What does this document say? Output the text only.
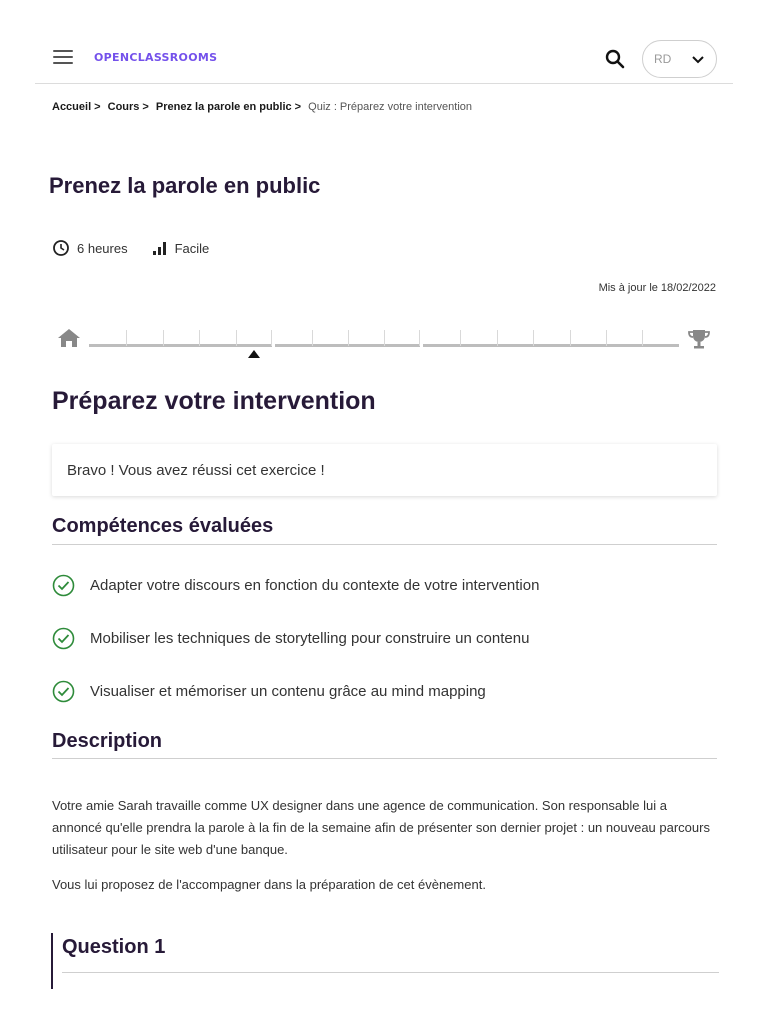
OPENCLASSROOMS	RD
Accueil > Cours > Prenez la parole en public > Quiz : Préparez votre intervention
Prenez la parole en public
6 heures	Facile
Mis à jour le 18/02/2022
Préparez votre intervention
Bravo ! Vous avez réussi cet exercice !
Compétences évaluées
Adapter votre discours en fonction du contexte de votre intervention
Mobiliser les techniques de storytelling pour construire un contenu
Visualiser et mémoriser un contenu grâce au mind mapping
Description

Votre amie Sarah travaille comme UX designer dans une agence de communication. Son responsable lui a annoncé qu'elle prendra la parole à la fin de la semaine afin de présenter son dernier projet : un nouveau parcours utilisateur pour le site web d'une banque.

Vous lui proposez de l'accompagner dans la préparation de cet évènement.

Question 1
